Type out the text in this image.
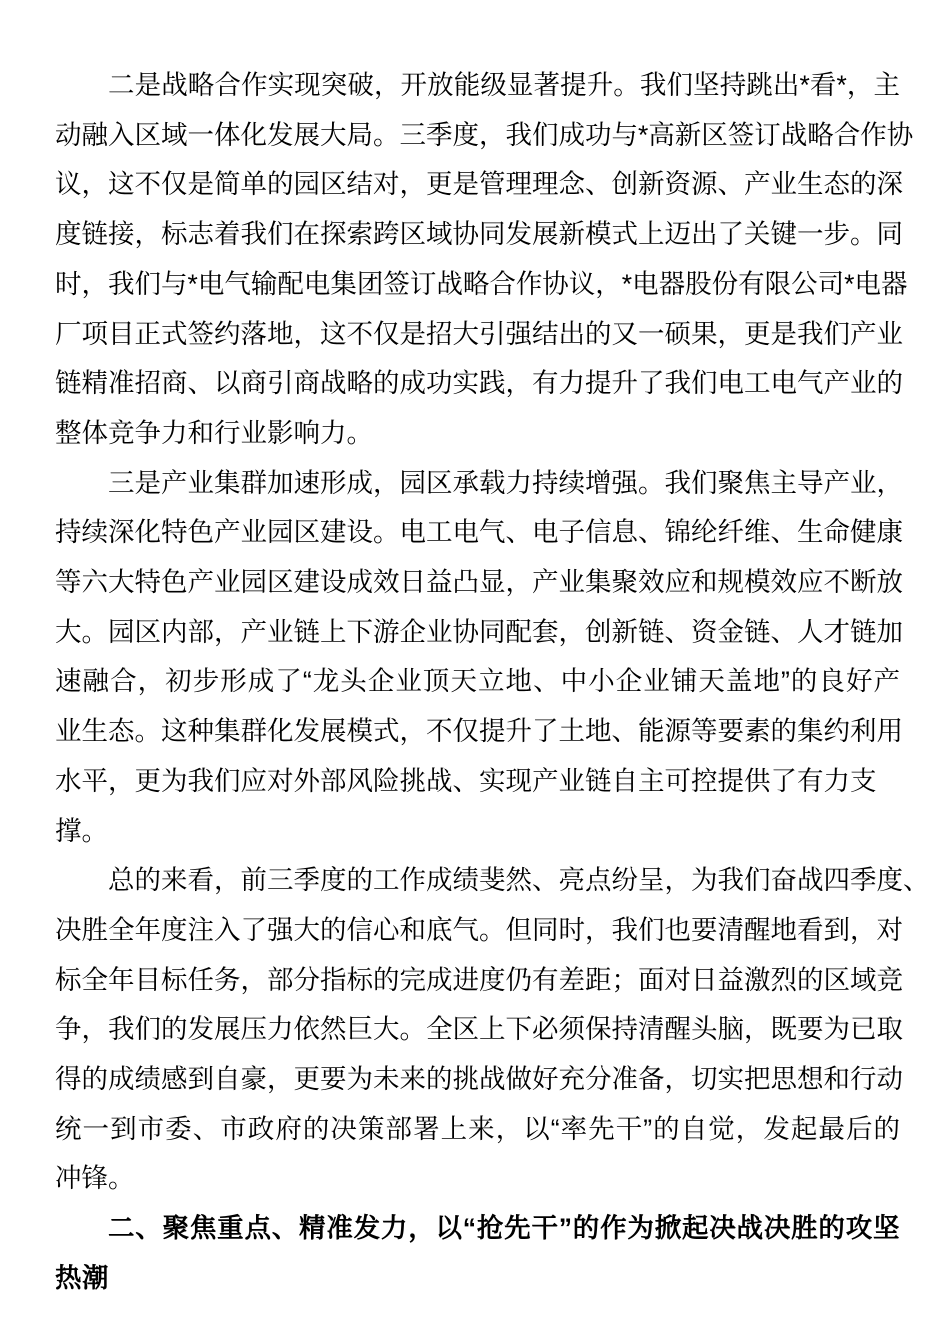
二是战略合作实现突破，开放能级显著提升。我们坚持跳出*看*，主
动融入区域一体化发展大局。三季度，我们成功与*高新区签订战略合作协
议，这不仅是简单的园区结对，更是管理理念、创新资源、产业生态的深
度链接，标志着我们在探索跨区域协同发展新模式上迈出了关键一步。同
时，我们与*电气输配电集团签订战略合作协议，*电器股份有限公司*电器
厂项目正式签约落地，这不仅是招大引强结出的又一硕果，更是我们产业
链精准招商、以商引商战略的成功实践，有力提升了我们电工电气产业的
整体竞争力和行业影响力。

三是产业集群加速形成，园区承载力持续增强。我们聚焦主导产业，
持续深化特色产业园区建设。电工电气、电子信息、锦纶纤维、生命健康
等六大特色产业园区建设成效日益凸显，产业集聚效应和规模效应不断放
大。园区内部，产业链上下游企业协同配套，创新链、资金链、人才链加
速融合，初步形成了“龙头企业顶天立地、中小企业铺天盖地”的良好产
业生态。这种集群化发展模式，不仅提升了土地、能源等要素的集约利用
水平，更为我们应对外部风险挑战、实现产业链自主可控提供了有力支撑。

总的来看，前三季度的工作成绩斐然、亮点纷呈，为我们奋战四季度、
决胜全年度注入了强大的信心和底气。但同时，我们也要清醒地看到，对
标全年目标任务，部分指标的完成进度仍有差距；面对日益激烈的区域竞
争，我们的发展压力依然巨大。全区上下必须保持清醒头脑，既要为已取
得的成绩感到自豪，更要为未来的挑战做好充分准备，切实把思想和行动
统一到市委、市政府的决策部署上来，以“率先干”的自觉，发起最后的
冲锋。

二、聚焦重点、精准发力，以“抢先干”的作为掀起决战决胜的攻坚
热潮
